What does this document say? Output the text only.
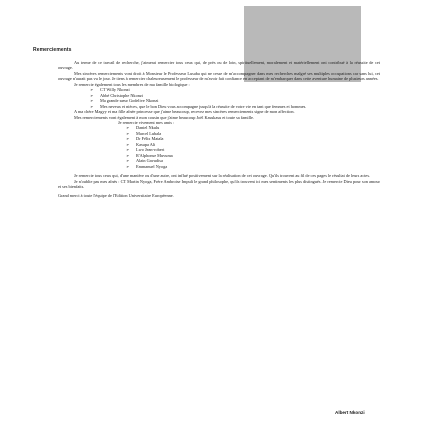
Remerciements

Au terme de ce travail de recherche, j'aimerai remercier tous ceux qui, de près ou de loin, spirituellement, moralement et matériellement ont contribué à la réussite de cet ouvrage.

Mes sincères remerciements vont droit à Monsieur le Professeur Lusaba qui ne cesse de m'accompagner dans mes recherches malgré ses multiples occupations car sans lui, cet ouvrage n'aurait pas vu le jour. Je tiens à remercier chaleureusement le professeur de m'avoir fait confiance en acceptant de m'embarquer dans cette aventure humaine de plusieurs années.

Je remercie également tous les membres de ma famille biologique :

➢ CT Willy Nkonzi
➢ Abbé Christophe Nkonzi
➢ Ma grande sœur Godelive Nkonzi
➢ Mes neveux et nièces, que le bon Dieu vous accompagne jusqu'à la réussite de votre vie en tant que femmes et hommes.

A ma chère Magyy et ma fille aînée princesse que j'aime beaucoup, recevez mes sincères remerciements signe de mon affection.

Mes remerciements vont également à mon cousin que j'aime beaucoup Joël Kasukasu et toute sa famille.

Je remercie vivement mes amis :

➢ Daniel Nkulu
➢ Marcel Lubala
➢ Dr Félix Matala
➢ Kasupa Ali
➢ Lwo Jean-robert
➢ R'Alphonse Muvuma
➢ Alain Gavudisa
➢ Emmanuel Nyoga

Je remercie tous ceux qui, d'une manière ou d'une autre, ont influé positivement sur la réalisation de cet ouvrage. Qu'ils trouvent au fil de ces pages le résultat de leurs actes.

Je n'oublie pas mes aînés : CT Martin Nyoga, Frère Ambroise Impuli le grand philosophe, qu'ils trouvent ici mes sentiments les plus distingués. Je remercie Dieu pour son amour et ses bienfaits.

Grand merci à toute l'équipe de l'Edition Universitaire Européenne.

Albert Nkonzi
